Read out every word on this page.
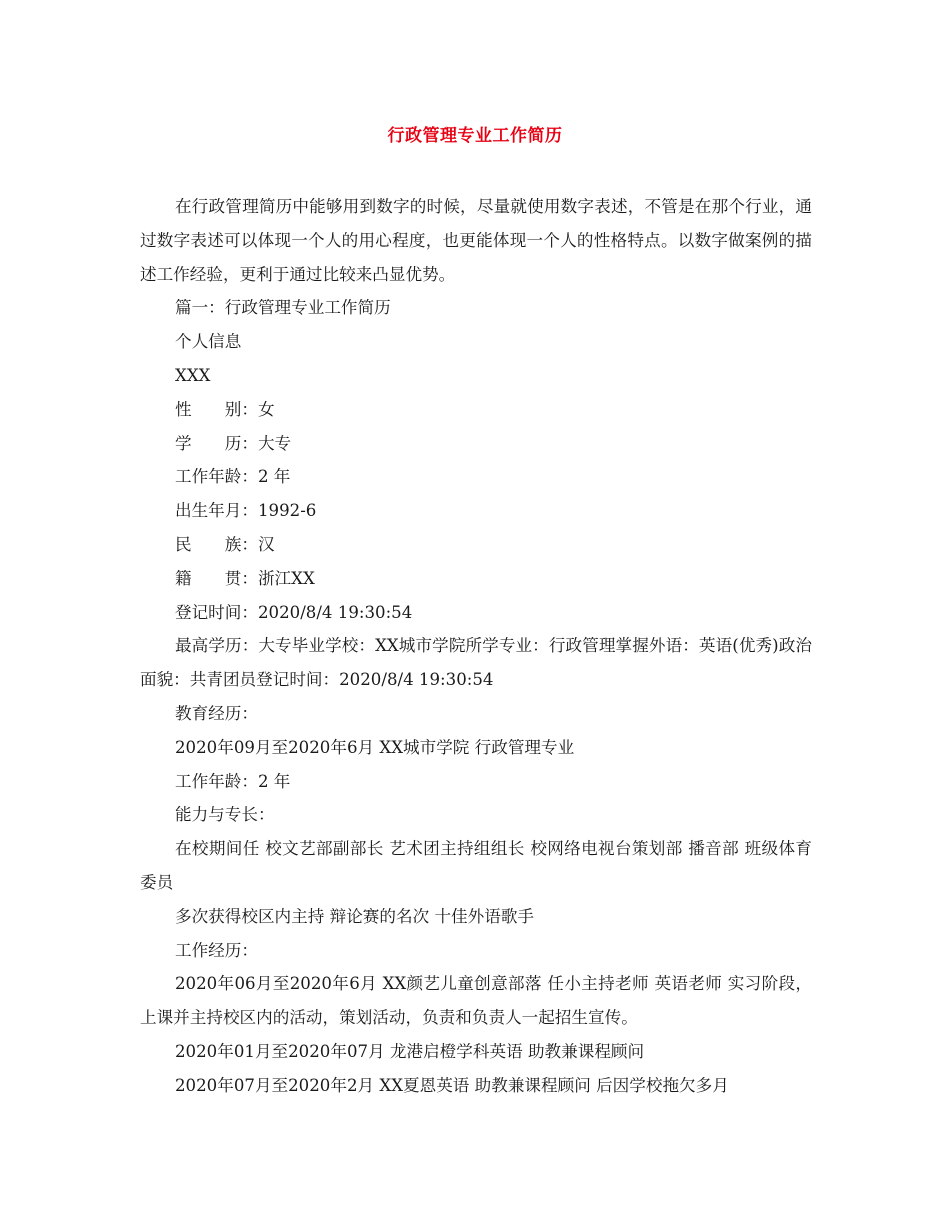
行政管理专业工作简历

在行政管理简历中能够用到数字的时候，尽量就使用数字表述，不管是在那个行业，通过数字表述可以体现一个人的用心程度，也更能体现一个人的性格特点。以数字做案例的描述工作经验，更利于通过比较来凸显优势。

篇一：行政管理专业工作简历

个人信息

XXX

性　　别：女

学　　历：大专

工作年龄：2 年

出生年月：1992-6

民　　族：汉

籍　　贯：浙江XX

登记时间：2020/8/4 19:30:54

最高学历：大专毕业学校：XX城市学院所学专业：行政管理掌握外语：英语(优秀)政治面貌：共青团员登记时间：2020/8/4 19:30:54

教育经历：

2020年09月至2020年6月 XX城市学院 行政管理专业

工作年龄：2 年

能力与专长：

在校期间任 校文艺部副部长 艺术团主持组组长 校网络电视台策划部 播音部 班级体育委员

多次获得校区内主持 辩论赛的名次 十佳外语歌手

工作经历：

2020年06月至2020年6月 XX颜艺儿童创意部落 任小主持老师 英语老师 实习阶段， 上课并主持校区内的活动，策划活动，负责和负责人一起招生宣传。

2020年01月至2020年07月 龙港启橙学科英语 助教兼课程顾问

2020年07月至2020年2月 XX夏恩英语 助教兼课程顾问 后因学校拖欠多月
